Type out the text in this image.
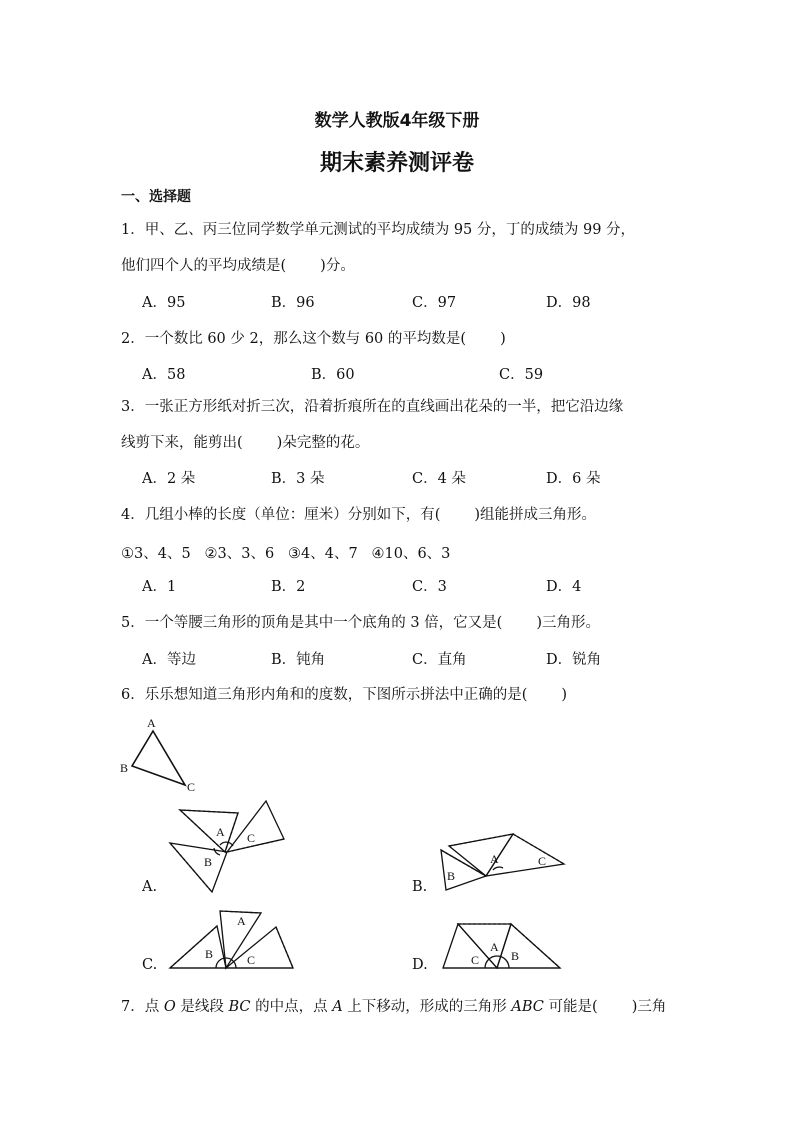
数学人教版4年级下册
期末素养测评卷
一、选择题
1．甲、乙、丙三位同学数学单元测试的平均成绩为 95 分，丁的成绩为 99 分，
他们四个人的平均成绩是( )分。
A．95	B．96	C．97	D．98
2．一个数比 60 少 2，那么这个数与 60 的平均数是( )
A．58	B．60	C．59
3．一张正方形纸对折三次，沿着折痕所在的直线画出花朵的一半，把它沿边缘
线剪下来，能剪出( )朵完整的花。
A．2 朵	B．3 朵	C．4 朵	D．6 朵
4．几组小棒的长度（单位：厘米）分别如下，有( )组能拼成三角形。
①3、4、5   ②3、3、6   ③4、4、7   ④10、6、3
A．1	B．2	C．3	D．4
5．一个等腰三角形的顶角是其中一个底角的 3 倍，它又是( )三角形。
A．等边	B．钝角	C．直角	D．锐角
6．乐乐想知道三角形内角和的度数，下图所示拼法中正确的是( )
A
B
C
A C
B	A	C
B
A
B	C
A
C	B
A.	B.
C.	D.
7．点 O 是线段 BC 的中点，点 A 上下移动，形成的三角形 ABC 可能是( )三角
